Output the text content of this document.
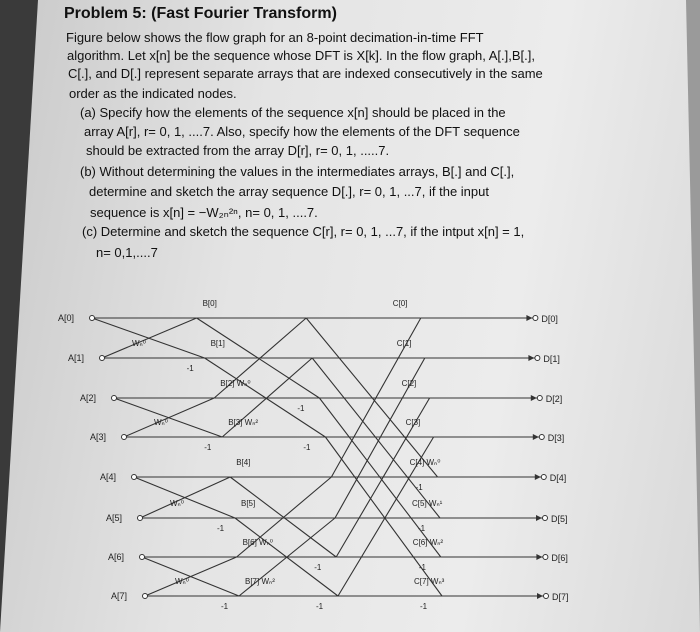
Problem 5: (Fast Fourier Transform)
Figure below shows the flow graph for an 8-point decimation-in-time FFT
algorithm. Let x[n] be the sequence whose DFT is X[k]. In the flow graph, A[.],B[.],
C[.], and D[.] represent separate arrays that are indexed consecutively in the same
order as the indicated nodes.
(a) Specify how the elements of the sequence x[n] should be placed in the
array A[r], r= 0, 1, ....7. Also, specify how the elements of the DFT sequence
should be extracted from the array D[r], r= 0, 1, .....7.
(b) Without determining the values in the intermediates arrays, B[.] and C[.],
determine and sketch the array sequence D[.], r= 0, 1, ...7, if the input
sequence is x[n] = −W₂ₙ²ⁿ, n= 0, 1, ....7.
(c) Determine and sketch the sequence C[r], r= 0, 1, ...7, if the intput x[n] = 1,
n= 0,1,....7
A[0]	D[0]
B[0]	C[0]
A[1]	D[1]
B[1]	C[1]
A[2]	D[2]
B[2] Wₙ⁰	C[2]
A[3]	D[3]
B[3] Wₙ²	C[3]
A[4]	D[4]
B[4]	C[4] Wₙ⁰
A[5]	D[5]
B[5]	C[5] Wₙ¹
A[6]	D[6]
B[6] Wₙ⁰	C[6] Wₙ²
A[7]	D[7]
B[7] Wₙ²	C[7] Wₙ³
Wₙ⁰
-1
Wₙ⁰
-1
Wₙ⁰
-1
Wₙ⁰
-1
-1
-1
-1
-1
-1
-1
-1
-1
